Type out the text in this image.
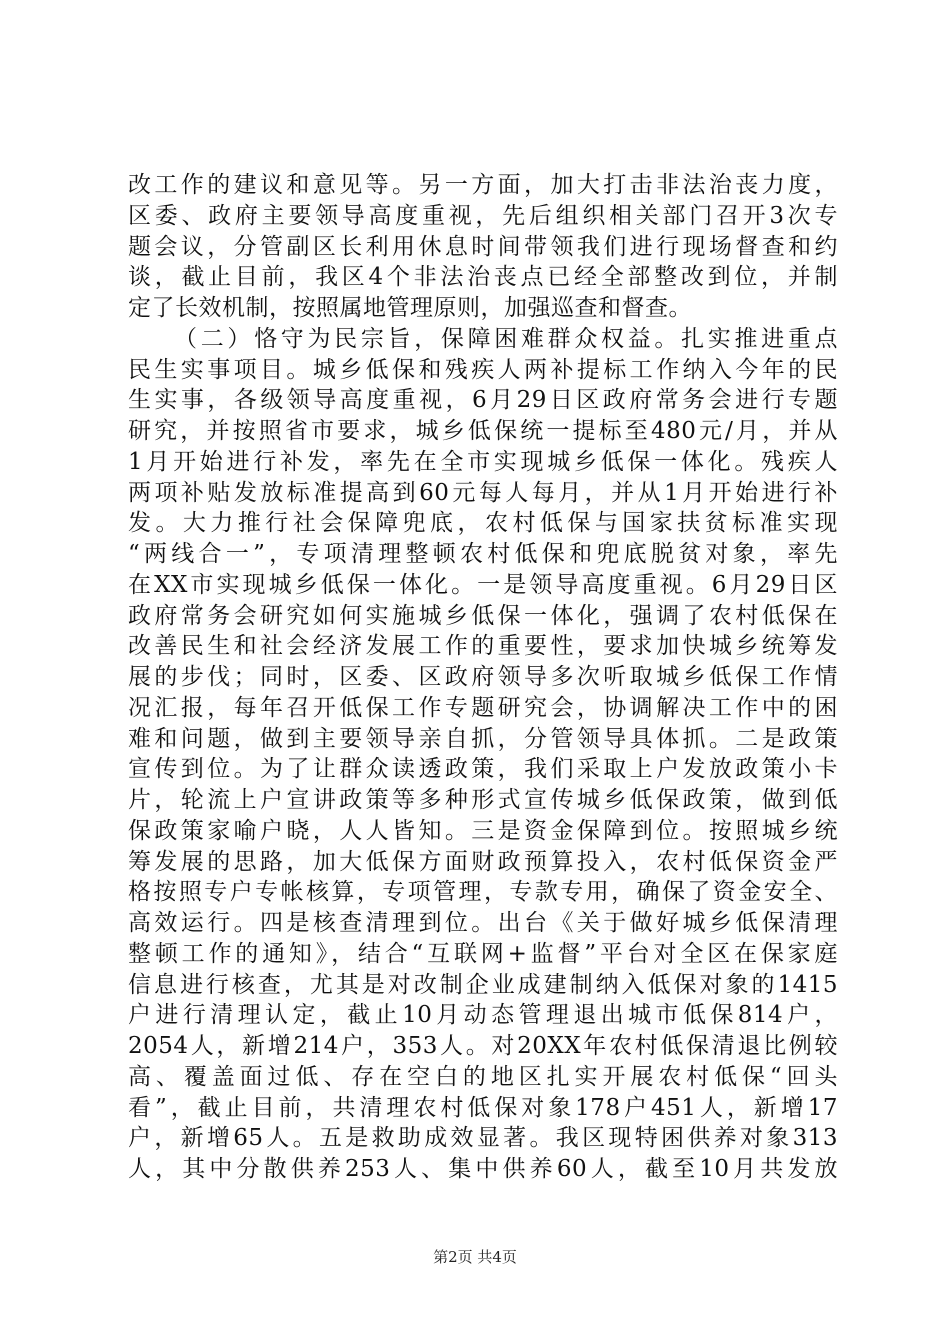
改工作的建议和意见等。另一方面，加大打击非法治丧力度，
区委、政府主要领导高度重视，先后组织相关部门召开3次专
题会议，分管副区长利用休息时间带领我们进行现场督查和约
谈，截止目前，我区4个非法治丧点已经全部整改到位，并制
定了长效机制，按照属地管理原则，加强巡查和督查。
（二）恪守为民宗旨，保障困难群众权益。扎实推进重点
民生实事项目。城乡低保和残疾人两补提标工作纳入今年的民
生实事，各级领导高度重视，6月29日区政府常务会进行专题
研究，并按照省市要求，城乡低保统一提标至480元/月，并从
1月开始进行补发，率先在全市实现城乡低保一体化。残疾人
两项补贴发放标准提高到60元每人每月，并从1月开始进行补
发。大力推行社会保障兜底，农村低保与国家扶贫标准实现
“两线合一”，专项清理整顿农村低保和兜底脱贫对象，率先
在XX市实现城乡低保一体化。一是领导高度重视。6月29日区
政府常务会研究如何实施城乡低保一体化，强调了农村低保在
改善民生和社会经济发展工作的重要性，要求加快城乡统筹发
展的步伐；同时，区委、区政府领导多次听取城乡低保工作情
况汇报，每年召开低保工作专题研究会，协调解决工作中的困
难和问题，做到主要领导亲自抓，分管领导具体抓。二是政策
宣传到位。为了让群众读透政策，我们采取上户发放政策小卡
片，轮流上户宣讲政策等多种形式宣传城乡低保政策，做到低
保政策家喻户晓，人人皆知。三是资金保障到位。按照城乡统
筹发展的思路，加大低保方面财政预算投入，农村低保资金严
格按照专户专帐核算，专项管理，专款专用，确保了资金安全、
高效运行。四是核查清理到位。出台《关于做好城乡低保清理
整顿工作的通知》，结合“互联网+监督”平台对全区在保家庭
信息进行核查，尤其是对改制企业成建制纳入低保对象的1415
户进行清理认定，截止10月动态管理退出城市低保814户，
2054人，新增214户，353人。对20XX年农村低保清退比例较
高、覆盖面过低、存在空白的地区扎实开展农村低保“回头
看”，截止目前，共清理农村低保对象178户451人，新增17
户，新增65人。五是救助成效显著。我区现特困供养对象313
人，其中分散供养253人、集中供养60人，截至10月共发放
第2页 共4页
